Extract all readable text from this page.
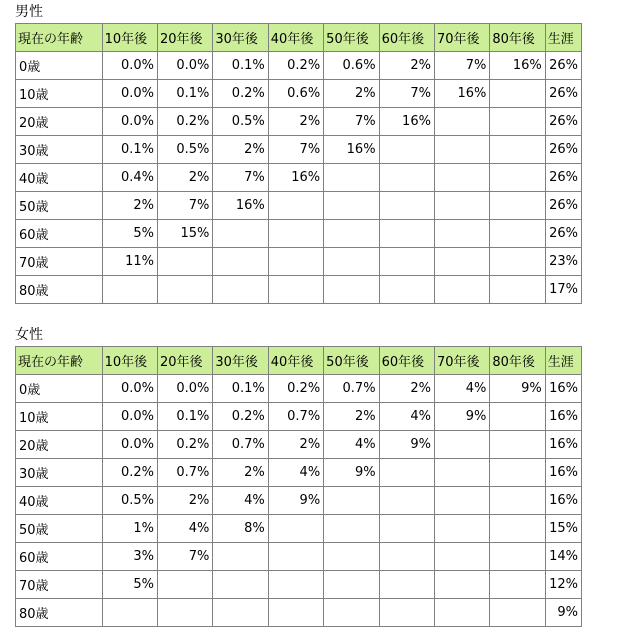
男性
現在の年齢	10年後	20年後	30年後	40年後	50年後	60年後	70年後	80年後	生涯
0歳	0.0%	0.0%	0.1%	0.2%	0.6%	2%	7%	16%	26%
10歳	0.0%	0.1%	0.2%	0.6%	2%	7%	16%		26%
20歳	0.0%	0.2%	0.5%	2%	7%	16%			26%
30歳	0.1%	0.5%	2%	7%	16%				26%
40歳	0.4%	2%	7%	16%					26%
50歳	2%	7%	16%						26%
60歳	5%	15%							26%
70歳	11%								23%
80歳									17%
女性
現在の年齢	10年後	20年後	30年後	40年後	50年後	60年後	70年後	80年後	生涯
0歳	0.0%	0.0%	0.1%	0.2%	0.7%	2%	4%	9%	16%
10歳	0.0%	0.1%	0.2%	0.7%	2%	4%	9%		16%
20歳	0.0%	0.2%	0.7%	2%	4%	9%			16%
30歳	0.2%	0.7%	2%	4%	9%				16%
40歳	0.5%	2%	4%	9%					16%
50歳	1%	4%	8%						15%
60歳	3%	7%							14%
70歳	5%								12%
80歳									9%
